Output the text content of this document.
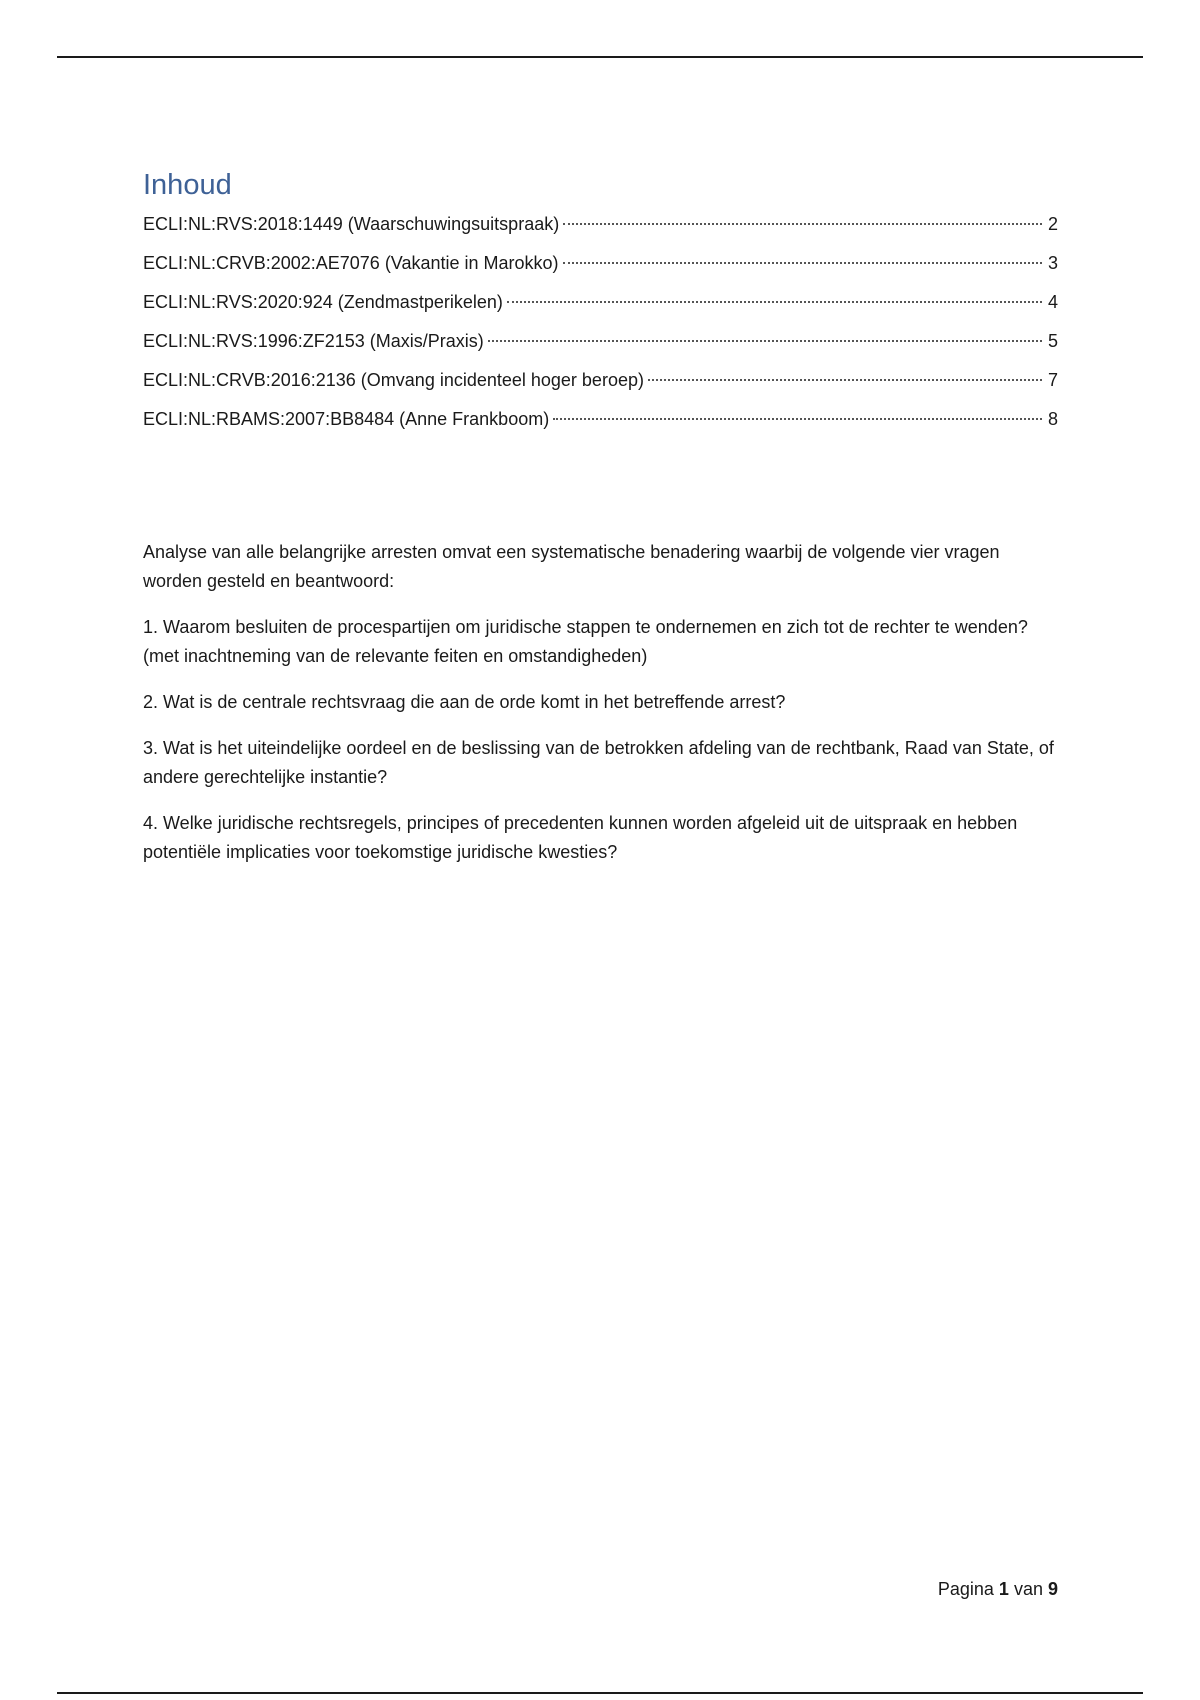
Inhoud
ECLI:NL:RVS:2018:1449 (Waarschuwingsuitspraak)	2
ECLI:NL:CRVB:2002:AE7076 (Vakantie in Marokko)	3
ECLI:NL:RVS:2020:924 (Zendmastperikelen)	4
ECLI:NL:RVS:1996:ZF2153 (Maxis/Praxis)	5
ECLI:NL:CRVB:2016:2136 (Omvang incidenteel hoger beroep)	7
ECLI:NL:RBAMS:2007:BB8484 (Anne Frankboom)	8

Analyse van alle belangrijke arresten omvat een systematische benadering waarbij de volgende vier vragen worden gesteld en beantwoord:

1. Waarom besluiten de procespartijen om juridische stappen te ondernemen en zich tot de rechter te wenden? (met inachtneming van de relevante feiten en omstandigheden)

2. Wat is de centrale rechtsvraag die aan de orde komt in het betreffende arrest?

3. Wat is het uiteindelijke oordeel en de beslissing van de betrokken afdeling van de rechtbank, Raad van State, of andere gerechtelijke instantie?

4. Welke juridische rechtsregels, principes of precedenten kunnen worden afgeleid uit de uitspraak en hebben potentiële implicaties voor toekomstige juridische kwesties?

Pagina 1 van 9
